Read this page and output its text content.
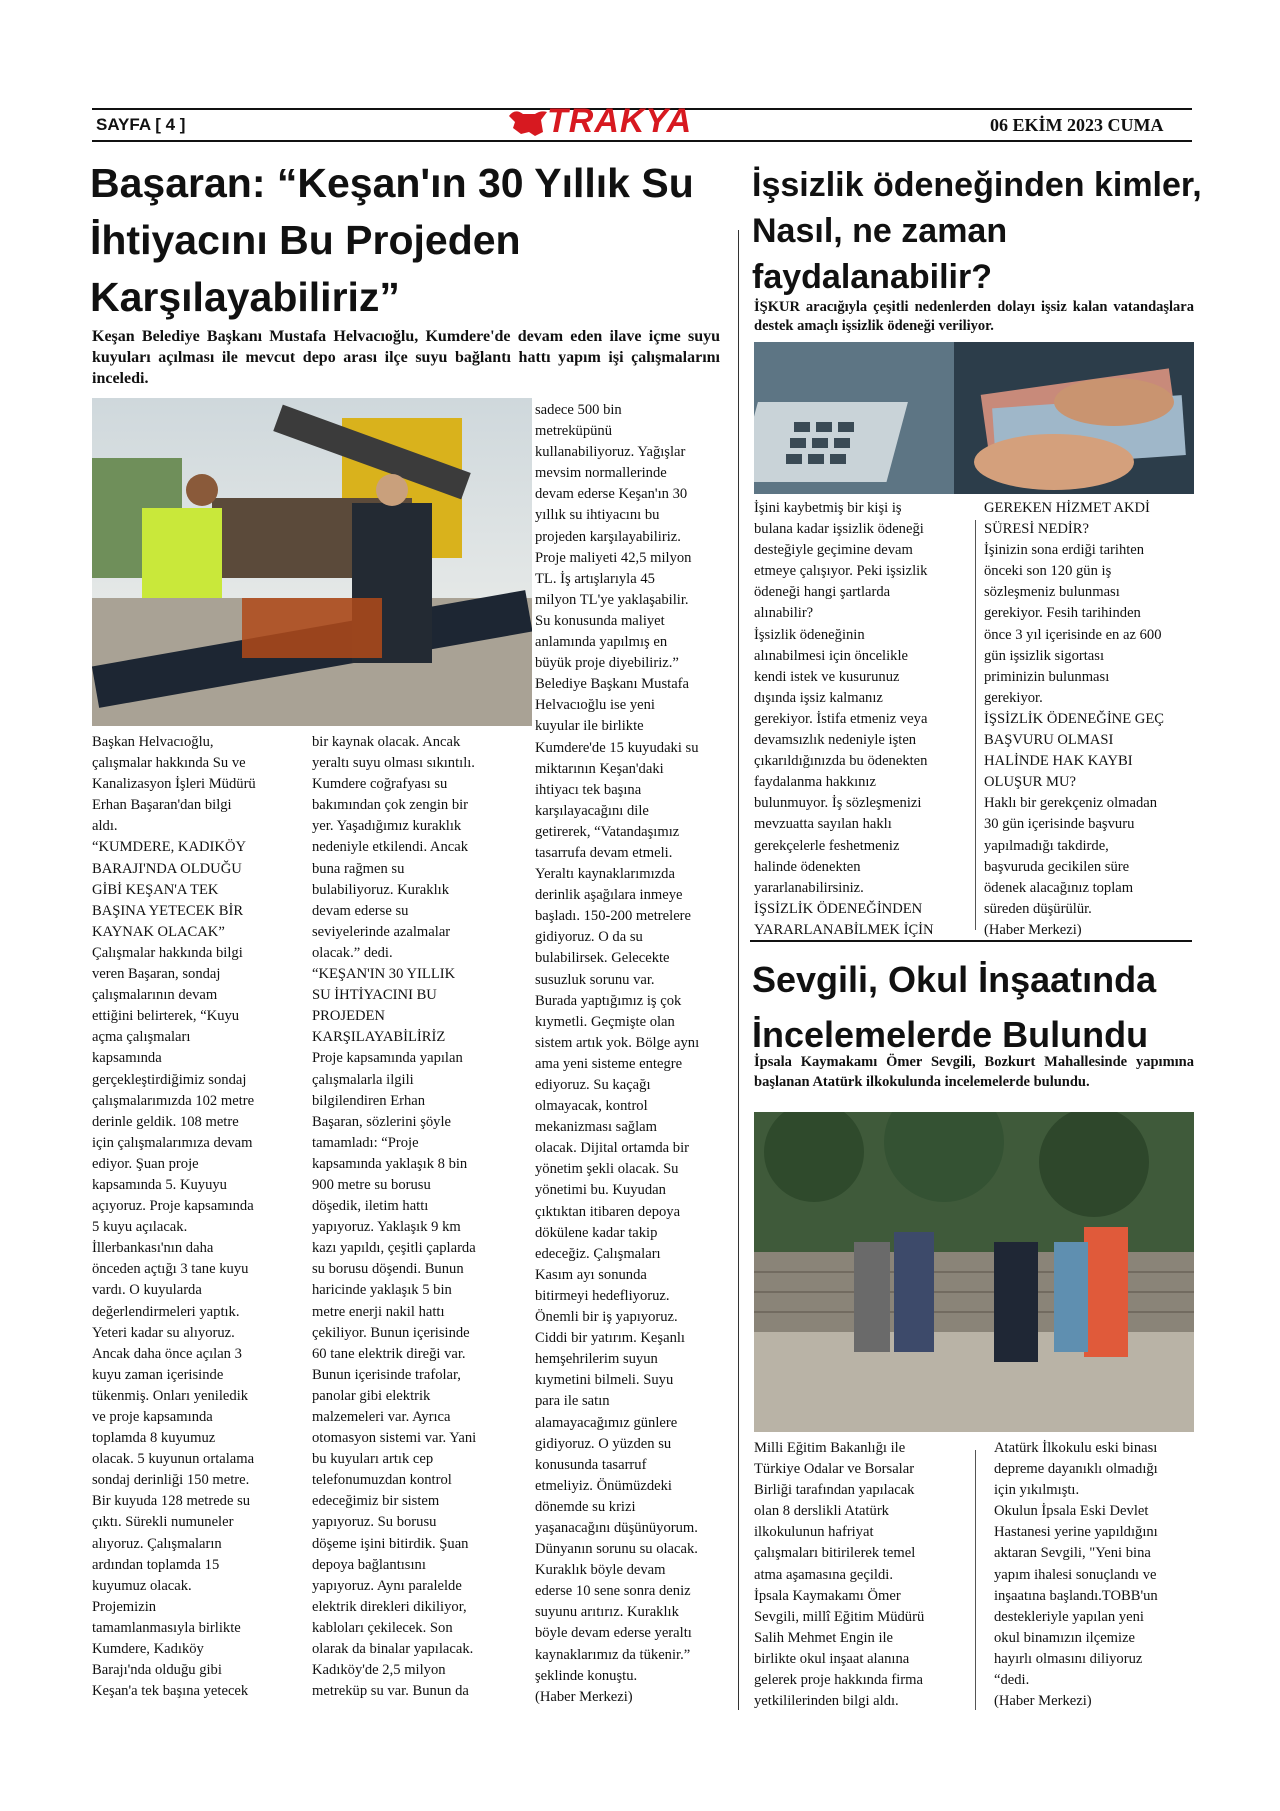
SAYFA [ 4 ]	TRAKYA	06 EKİM 2023 CUMA
Başaran: “Keşan'ın 30 Yıllık Su
İhtiyacını Bu Projeden
Karşılayabiliriz”
Keşan Belediye Başkanı Mustafa Helvacıoğlu, Kumdere'de devam eden ilave içme suyu kuyuları açılması ile mevcut depo arası ilçe suyu bağlantı hattı yapım işi çalışmalarını inceledi.

Başkan Helvacıoğlu,

çalışmalar hakkında Su ve

Kanalizasyon İşleri Müdürü

Erhan Başaran'dan bilgi

aldı.

“KUMDERE, KADIKÖY

BARAJI'NDA OLDUĞU

GİBİ KEŞAN'A TEK

BAŞINA YETECEK BİR

KAYNAK OLACAK”

Çalışmalar hakkında bilgi

veren Başaran, sondaj

çalışmalarının devam

ettiğini belirterek, “Kuyu

açma çalışmaları

kapsamında

gerçekleştirdiğimiz sondaj

çalışmalarımızda 102 metre

derinle geldik. 108 metre

için çalışmalarımıza devam

ediyor. Şuan proje

kapsamında 5. Kuyuyu

açıyoruz. Proje kapsamında

5 kuyu açılacak.

İllerbankası'nın daha

önceden açtığı 3 tane kuyu

vardı. O kuyularda

değerlendirmeleri yaptık.

Yeteri kadar su alıyoruz.

Ancak daha önce açılan 3

kuyu zaman içerisinde

tükenmiş. Onları yeniledik

ve proje kapsamında

toplamda 8 kuyumuz

olacak. 5 kuyunun ortalama

sondaj derinliği 150 metre.

Bir kuyuda 128 metrede su

çıktı. Sürekli numuneler

alıyoruz. Çalışmaların

ardından toplamda 15

kuyumuz olacak.

Projemizin

tamamlanmasıyla birlikte

Kumdere, Kadıköy

Barajı'nda olduğu gibi

Keşan'a tek başına yetecek

bir kaynak olacak. Ancak

yeraltı suyu olması sıkıntılı.

Kumdere coğrafyası su

bakımından çok zengin bir

yer. Yaşadığımız kuraklık

nedeniyle etkilendi. Ancak

buna rağmen su

bulabiliyoruz. Kuraklık

devam ederse su

seviyelerinde azalmalar

olacak.” dedi.

“KEŞAN'IN 30 YILLIK

SU İHTİYACINI BU

PROJEDEN

KARŞILAYABİLİRİZ

Proje kapsamında yapılan

çalışmalarla ilgili

bilgilendiren Erhan

Başaran, sözlerini şöyle

tamamladı: “Proje

kapsamında yaklaşık 8 bin

900 metre su borusu

döşedik, iletim hattı

yapıyoruz. Yaklaşık 9 km

kazı yapıldı, çeşitli çaplarda

su borusu döşendi. Bunun

haricinde yaklaşık 5 bin

metre enerji nakil hattı

çekiliyor. Bunun içerisinde

60 tane elektrik direği var.

Bunun içerisinde trafolar,

panolar gibi elektrik

malzemeleri var. Ayrıca

otomasyon sistemi var. Yani

bu kuyuları artık cep

telefonumuzdan kontrol

edeceğimiz bir sistem

yapıyoruz. Su borusu

döşeme işini bitirdik. Şuan

depoya bağlantısını

yapıyoruz. Aynı paralelde

elektrik direkleri dikiliyor,

kabloları çekilecek. Son

olarak da binalar yapılacak.

Kadıköy'de 2,5 milyon

metreküp su var. Bunun da

sadece 500 bin

metreküpünü

kullanabiliyoruz. Yağışlar

mevsim normallerinde

devam ederse Keşan'ın 30

yıllık su ihtiyacını bu

projeden karşılayabiliriz.

Proje maliyeti 42,5 milyon

TL. İş artışlarıyla 45

milyon TL'ye yaklaşabilir.

Su konusunda maliyet

anlamında yapılmış en

büyük proje diyebiliriz.”

Belediye Başkanı Mustafa

Helvacıoğlu ise yeni

kuyular ile birlikte

Kumdere'de 15 kuyudaki su

miktarının Keşan'daki

ihtiyacı tek başına

karşılayacağını dile

getirerek, “Vatandaşımız

tasarrufa devam etmeli.

Yeraltı kaynaklarımızda

derinlik aşağılara inmeye

başladı. 150-200 metrelere

gidiyoruz. O da su

bulabilirsek. Gelecekte

susuzluk sorunu var.

Burada yaptığımız iş çok

kıymetli. Geçmişte olan

sistem artık yok. Bölge aynı

ama yeni sisteme entegre

ediyoruz. Su kaçağı

olmayacak, kontrol

mekanizması sağlam

olacak. Dijital ortamda bir

yönetim şekli olacak. Su

yönetimi bu. Kuyudan

çıktıktan itibaren depoya

dökülene kadar takip

edeceğiz. Çalışmaları

Kasım ayı sonunda

bitirmeyi hedefliyoruz.

Önemli bir iş yapıyoruz.

Ciddi bir yatırım. Keşanlı

hemşehrilerim suyun

kıymetini bilmeli. Suyu

para ile satın

alamayacağımız günlere

gidiyoruz. O yüzden su

konusunda tasarruf

etmeliyiz. Önümüzdeki

dönemde su krizi

yaşanacağını düşünüyorum.

Dünyanın sorunu su olacak.

Kuraklık böyle devam

ederse 10 sene sonra deniz

suyunu arıtırız. Kuraklık

böyle devam ederse yeraltı

kaynaklarımız da tükenir.”

şeklinde konuştu.

(Haber Merkezi)

İşsizlik ödeneğinden kimler,
Nasıl, ne zaman
faydalanabilir?
İŞKUR aracığıyla çeşitli nedenlerden dolayı işsiz kalan vatandaşlara destek amaçlı işsizlik ödeneği veriliyor.

İşini kaybetmiş bir kişi iş

bulana kadar işsizlik ödeneği

desteğiyle geçimine devam

etmeye çalışıyor. Peki işsizlik

ödeneği hangi şartlarda

alınabilir?

İşsizlik ödeneğinin

alınabilmesi için öncelikle

kendi istek ve kusurunuz

dışında işsiz kalmanız

gerekiyor. İstifa etmeniz veya

devamsızlık nedeniyle işten

çıkarıldığınızda bu ödenekten

faydalanma hakkınız

bulunmuyor. İş sözleşmenizi

mevzuatta sayılan haklı

gerekçelerle feshetmeniz

halinde ödenekten

yararlanabilirsiniz.

İŞSİZLİK ÖDENEĞİNDEN

YARARLANABİLMEK İÇİN

GEREKEN HİZMET AKDİ

SÜRESİ NEDİR?

İşinizin sona erdiği tarihten

önceki son 120 gün iş

sözleşmeniz bulunması

gerekiyor. Fesih tarihinden

önce 3 yıl içerisinde en az 600

gün işsizlik sigortası

priminizin bulunması

gerekiyor.

İŞSİZLİK ÖDENEĞİNE GEÇ

BAŞVURU OLMASI

HALİNDE HAK KAYBI

OLUŞUR MU?

Haklı bir gerekçeniz olmadan

30 gün içerisinde başvuru

yapılmadığı takdirde,

başvuruda gecikilen süre

ödenek alacağınız toplam

süreden düşürülür.

(Haber Merkezi)

Sevgili, Okul İnşaatında
İncelemelerde Bulundu
İpsala Kaymakamı Ömer Sevgili, Bozkurt Mahallesinde yapımına başlanan Atatürk ilkokulunda incelemelerde bulundu.

Milli Eğitim Bakanlığı ile

Türkiye Odalar ve Borsalar

Birliği tarafından yapılacak

olan 8 derslikli Atatürk

ilkokulunun hafriyat

çalışmaları bitirilerek temel

atma aşamasına geçildi.

İpsala Kaymakamı Ömer

Sevgili, millî Eğitim Müdürü

Salih Mehmet Engin ile

birlikte okul inşaat alanına

gelerek proje hakkında firma

yetkililerinden bilgi aldı.

Atatürk İlkokulu eski binası

depreme dayanıklı olmadığı

için yıkılmıştı.

Okulun İpsala Eski Devlet

Hastanesi yerine yapıldığını

aktaran Sevgili, "Yeni bina

yapım ihalesi sonuçlandı ve

inşaatına başlandı.TOBB'un

destekleriyle yapılan yeni

okul binamızın ilçemize

hayırlı olmasını diliyoruz

“dedi.

(Haber Merkezi)
